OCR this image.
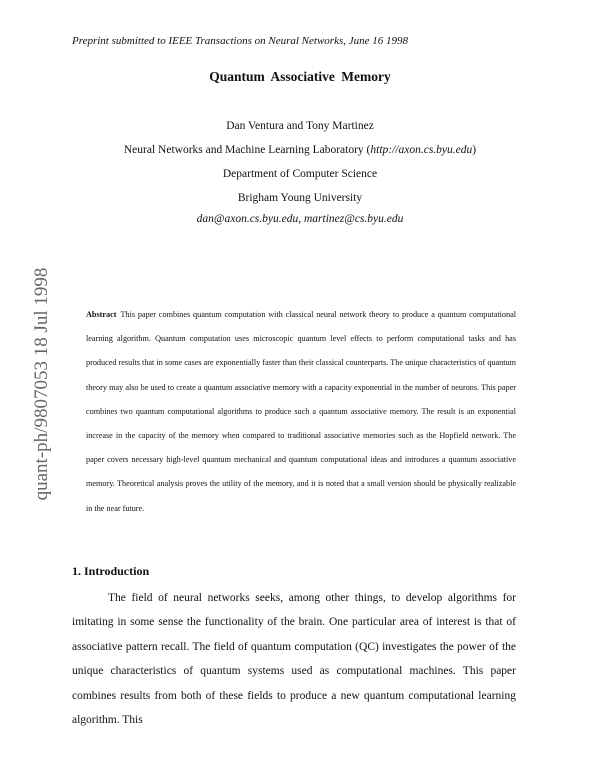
Preprint submitted to IEEE Transactions on Neural Networks, June 16 1998
Quantum Associative Memory
Dan Ventura and Tony Martinez
Neural Networks and Machine Learning Laboratory (http://axon.cs.byu.edu)
Department of Computer Science
Brigham Young University
dan@axon.cs.byu.edu, martinez@cs.byu.edu
quant-ph/9807053 18 Jul 1998	Abstract This paper combines quantum computation with classical neural network theory to produce a quantum computational learning algorithm. Quantum computation uses microscopic quantum level effects to perform computational tasks and has produced results that in some cases are exponentially faster than their classical counterparts. The unique characteristics of quantum theory may also be used to create a quantum associative memory with a capacity exponential in the number of neurons. This paper combines two quantum computational algorithms to produce such a quantum associative memory. The result is an exponential increase in the capacity of the memory when compared to traditional associative memories such as the Hopfield network. The paper covers necessary high-level quantum mechanical and quantum computational ideas and introduces a quantum associative memory. Theoretical analysis proves the utility of the memory, and it is noted that a small version should be physically realizable in the near future.
1. Introduction
The field of neural networks seeks, among other things, to develop algorithms for imitating in some sense the functionality of the brain. One particular area of interest is that of associative pattern recall. The field of quantum computation (QC) investigates the power of the unique characteristics of quantum systems used as computational machines. This paper combines results from both of these fields to produce a new quantum computational learning algorithm. This
